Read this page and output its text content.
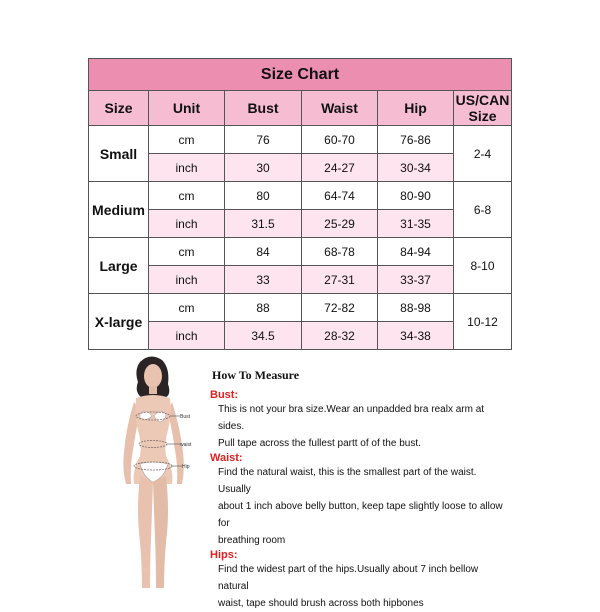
Size Chart					
Size	Unit	Bust	Waist	Hip	US/CAN Size
Small	cm	76	60-70	76-86	2-4
	inch	30	24-27	30-34	
Medium	cm	80	64-74	80-90	6-8
	inch	31.5	25-29	31-35	
Large	cm	84	68-78	84-94	8-10
	inch	33	27-31	33-37	
X-large	cm	88	72-82	88-98	10-12
	inch	34.5	28-32	34-38	
Bust
waist
Hip

How To Measure

Bust:

This is not your bra size.Wear an unpadded bra realx arm at sides.

Pull tape across the fullest partt of of the bust.

Waist:

Find the natural waist, this is the smallest part of the waist. Usually

about 1 inch above belly button, keep tape slightly loose to allow for

breathing room

Hips:

Find the widest part of the hips.Usually about 7 inch bellow natural

waist, tape should brush across both hipbones
